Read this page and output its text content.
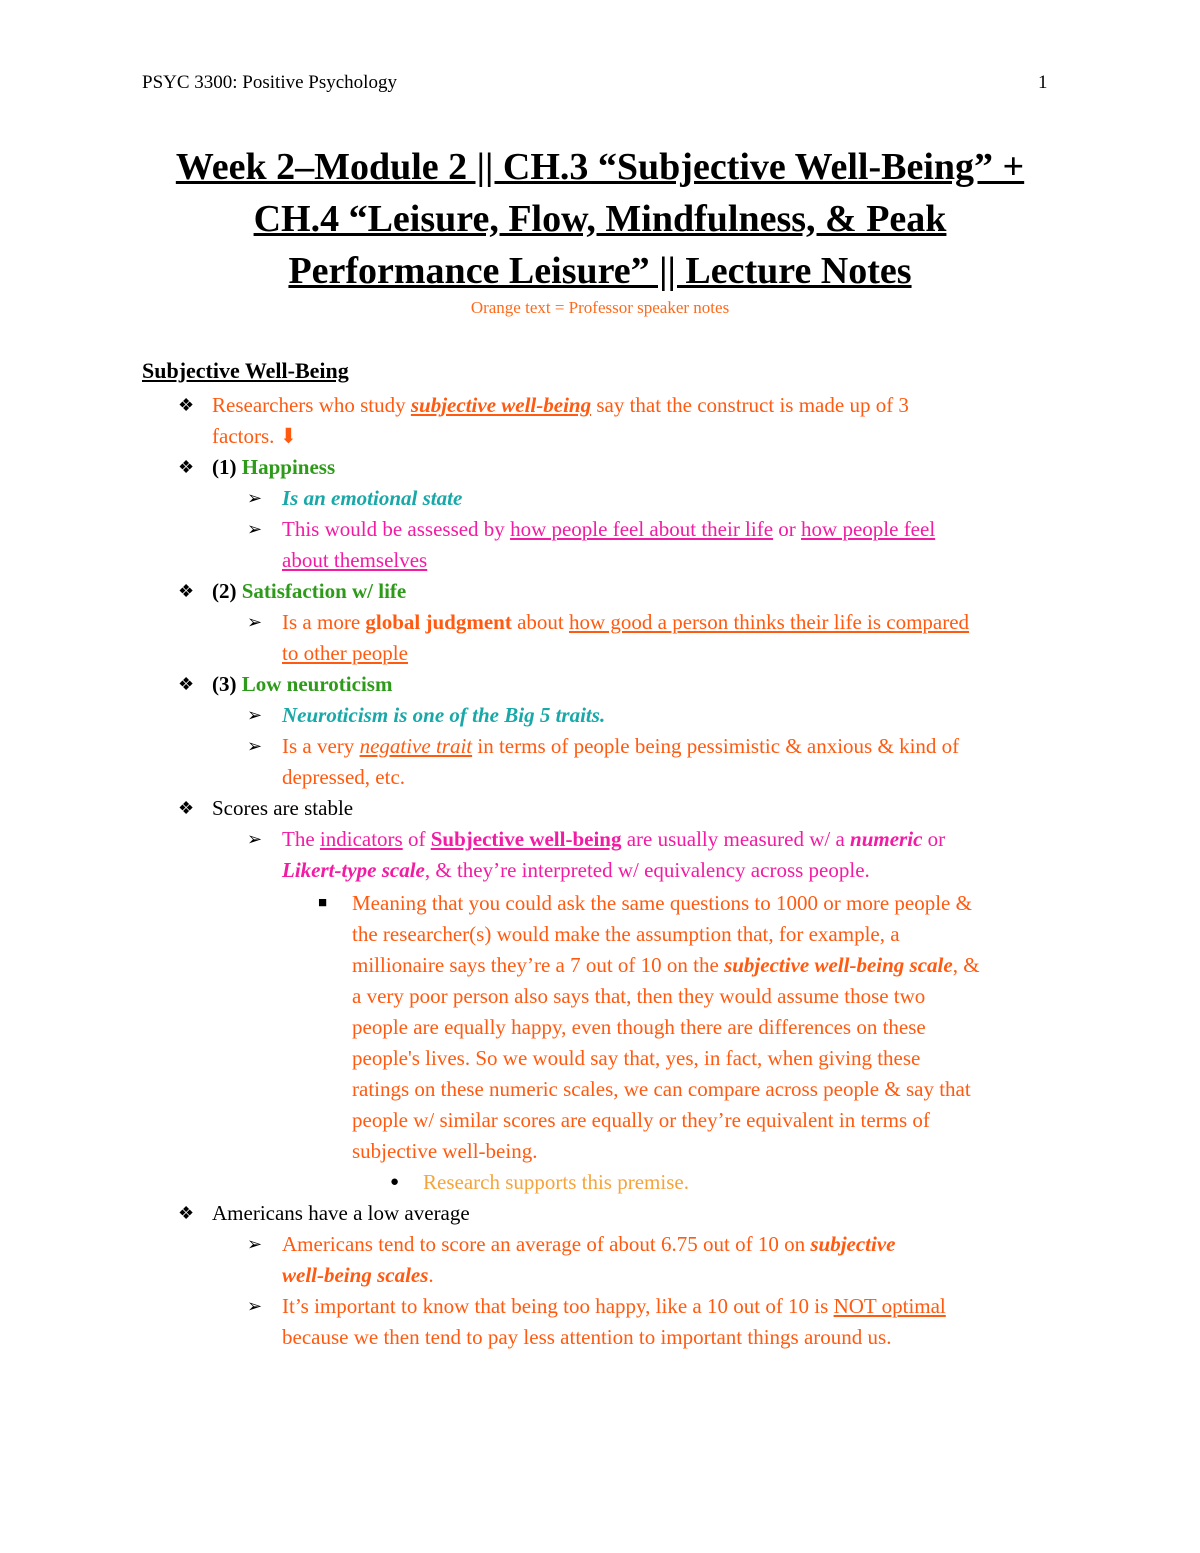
PSYC 3300: Positive Psychology	1
Week 2–Module 2 || CH.3 “Subjective Well-Being” +
CH.4 “Leisure, Flow, Mindfulness, & Peak
Performance Leisure” || Lecture Notes
Orange text = Professor speaker notes
Subjective Well-Being
❖ Researchers who study subjective well-being say that the construct is made up of 3
factors. ⬇
❖ (1) Happiness
➢ Is an emotional state
➢ This would be assessed by how people feel about their life or how people feel
about themselves
❖ (2) Satisfaction w/ life
➢ Is a more global judgment about how good a person thinks their life is compared
to other people
❖ (3) Low neuroticism
➢ Neuroticism is one of the Big 5 traits.
➢ Is a very negative trait in terms of people being pessimistic & anxious & kind of
depressed, etc.
❖ Scores are stable
➢ The indicators of Subjective well-being are usually measured w/ a numeric or
Likert-type scale, & they’re interpreted w/ equivalency across people.
■ Meaning that you could ask the same questions to 1000 or more people &
the researcher(s) would make the assumption that, for example, a
millionaire says they’re a 7 out of 10 on the subjective well-being scale, &
a very poor person also says that, then they would assume those two
people are equally happy, even though there are differences on these
people's lives. So we would say that, yes, in fact, when giving these
ratings on these numeric scales, we can compare across people & say that
people w/ similar scores are equally or they’re equivalent in terms of
subjective well-being.
● Research supports this premise.
❖ Americans have a low average
➢ Americans tend to score an average of about 6.75 out of 10 on subjective
well-being scales.
➢ It’s important to know that being too happy, like a 10 out of 10 is NOT optimal
because we then tend to pay less attention to important things around us.
